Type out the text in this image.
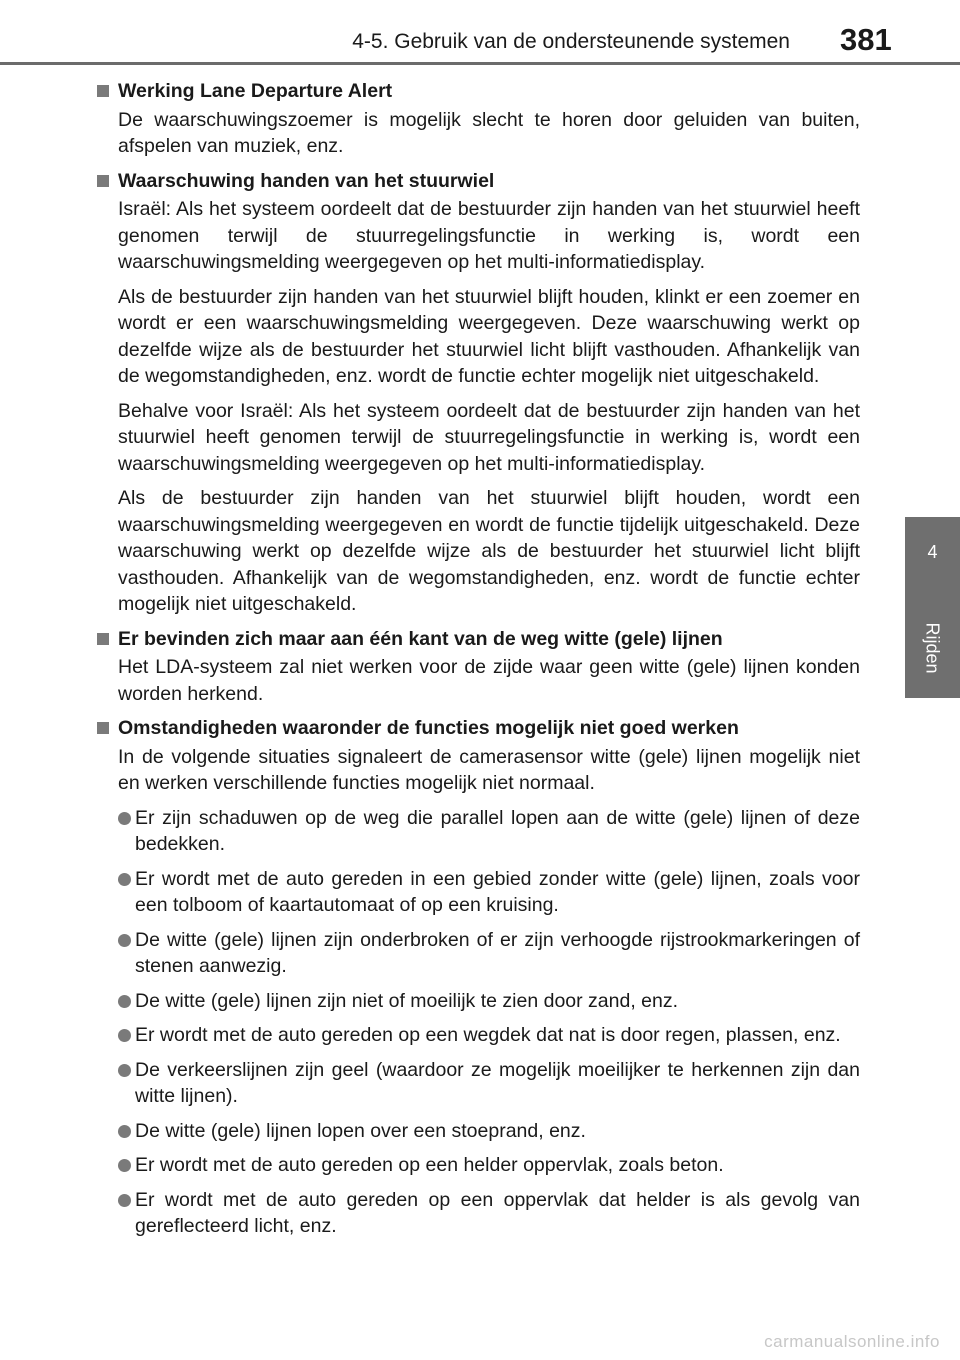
4-5. Gebruik van de ondersteunende systemen 381
4
Rijden
Werking Lane Departure Alert

De waarschuwingszoemer is mogelijk slecht te horen door geluiden van buiten, afspelen van muziek, enz.

Waarschuwing handen van het stuurwiel

Israël: Als het systeem oordeelt dat de bestuurder zijn handen van het stuurwiel heeft genomen terwijl de stuurregelingsfunctie in werking is, wordt een waarschuwingsmelding weergegeven op het multi-informatiedisplay.

Als de bestuurder zijn handen van het stuurwiel blijft houden, klinkt er een zoemer en wordt er een waarschuwingsmelding weergegeven. Deze waarschuwing werkt op dezelfde wijze als de bestuurder het stuurwiel licht blijft vasthouden. Afhankelijk van de wegomstandigheden, enz. wordt de functie echter mogelijk niet uitgeschakeld.

Behalve voor Israël: Als het systeem oordeelt dat de bestuurder zijn handen van het stuurwiel heeft genomen terwijl de stuurregelingsfunctie in werking is, wordt een waarschuwingsmelding weergegeven op het multi-informatiedisplay.

Als de bestuurder zijn handen van het stuurwiel blijft houden, wordt een waarschuwingsmelding weergegeven en wordt de functie tijdelijk uitgeschakeld. Deze waarschuwing werkt op dezelfde wijze als de bestuurder het stuurwiel licht blijft vasthouden. Afhankelijk van de wegomstandigheden, enz. wordt de functie echter mogelijk niet uitgeschakeld.

Er bevinden zich maar aan één kant van de weg witte (gele) lijnen

Het LDA-systeem zal niet werken voor de zijde waar geen witte (gele) lijnen konden worden herkend.

Omstandigheden waaronder de functies mogelijk niet goed werken

In de volgende situaties signaleert de camerasensor witte (gele) lijnen mogelijk niet en werken verschillende functies mogelijk niet normaal.

Er zijn schaduwen op de weg die parallel lopen aan de witte (gele) lijnen of deze bedekken.
Er wordt met de auto gereden in een gebied zonder witte (gele) lijnen, zoals voor een tolboom of kaartautomaat of op een kruising.
De witte (gele) lijnen zijn onderbroken of er zijn verhoogde rijstrookmarkeringen of stenen aanwezig.
De witte (gele) lijnen zijn niet of moeilijk te zien door zand, enz.
Er wordt met de auto gereden op een wegdek dat nat is door regen, plassen, enz.
De verkeerslijnen zijn geel (waardoor ze mogelijk moeilijker te herkennen zijn dan witte lijnen).
De witte (gele) lijnen lopen over een stoeprand, enz.
Er wordt met de auto gereden op een helder oppervlak, zoals beton.
Er wordt met de auto gereden op een oppervlak dat helder is als gevolg van gereflecteerd licht, enz.
carmanualsonline.info
